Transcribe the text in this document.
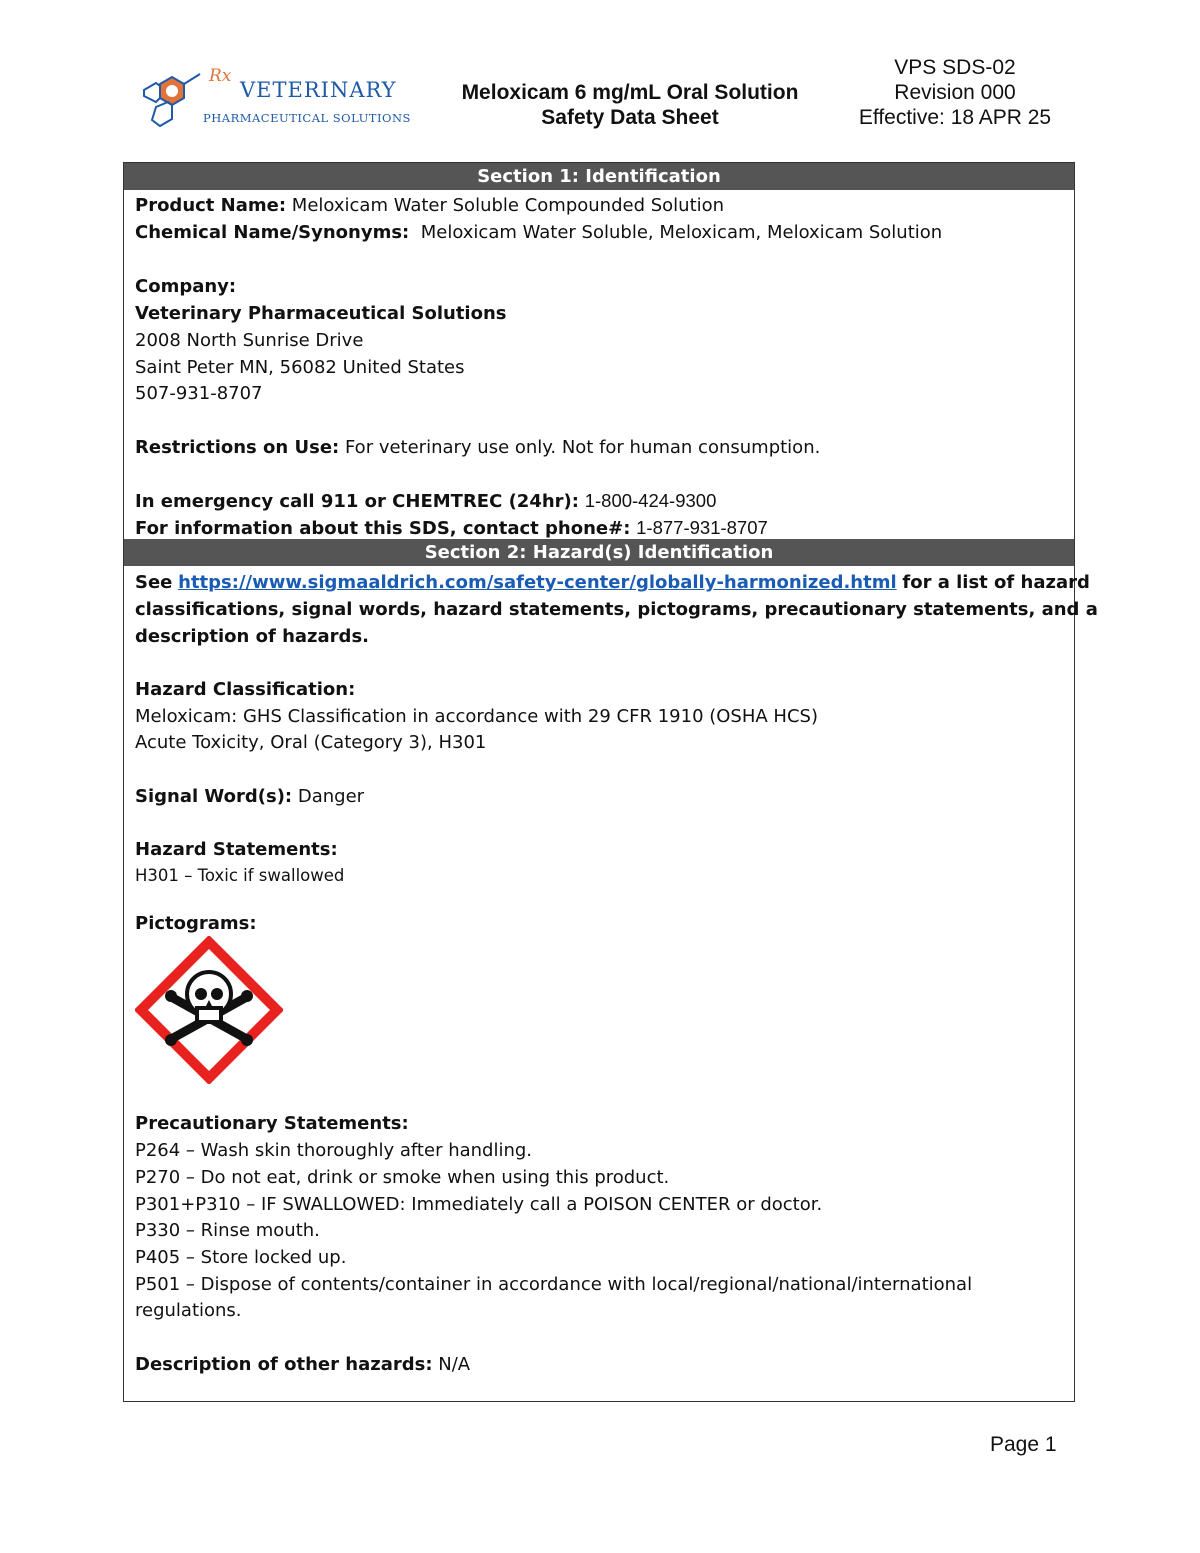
Rx
VETERINARY
PHARMACEUTICAL SOLUTIONS
Meloxicam 6 mg/mL Oral Solution
Safety Data Sheet
VPS SDS-02
Revision 000
Effective: 18 APR 25
Section 1: Identification
Product Name: Meloxicam Water Soluble Compounded Solution
Chemical Name/Synonyms: Meloxicam Water Soluble, Meloxicam, Meloxicam Solution
Company:
Veterinary Pharmaceutical Solutions
2008 North Sunrise Drive
Saint Peter MN, 56082 United States
507-931-8707
Restrictions on Use: For veterinary use only. Not for human consumption.
In emergency call 911 or CHEMTREC (24hr): 1-800-424-9300
For information about this SDS, contact phone#: 1-877-931-8707
Section 2: Hazard(s) Identification
See https://www.sigmaaldrich.com/safety-center/globally-harmonized.html for a list of hazard
classifications, signal words, hazard statements, pictograms, precautionary statements, and a
description of hazards.
Hazard Classification:
Meloxicam: GHS Classification in accordance with 29 CFR 1910 (OSHA HCS)
Acute Toxicity, Oral (Category 3), H301
Signal Word(s): Danger
Hazard Statements:
H301 – Toxic if swallowed
Pictograms:
Precautionary Statements:
P264 – Wash skin thoroughly after handling.
P270 – Do not eat, drink or smoke when using this product.
P301+P310 – IF SWALLOWED: Immediately call a POISON CENTER or doctor.
P330 – Rinse mouth.
P405 – Store locked up.
P501 – Dispose of contents/container in accordance with local/regional/national/international
regulations.
Description of other hazards: N/A
Page 1
